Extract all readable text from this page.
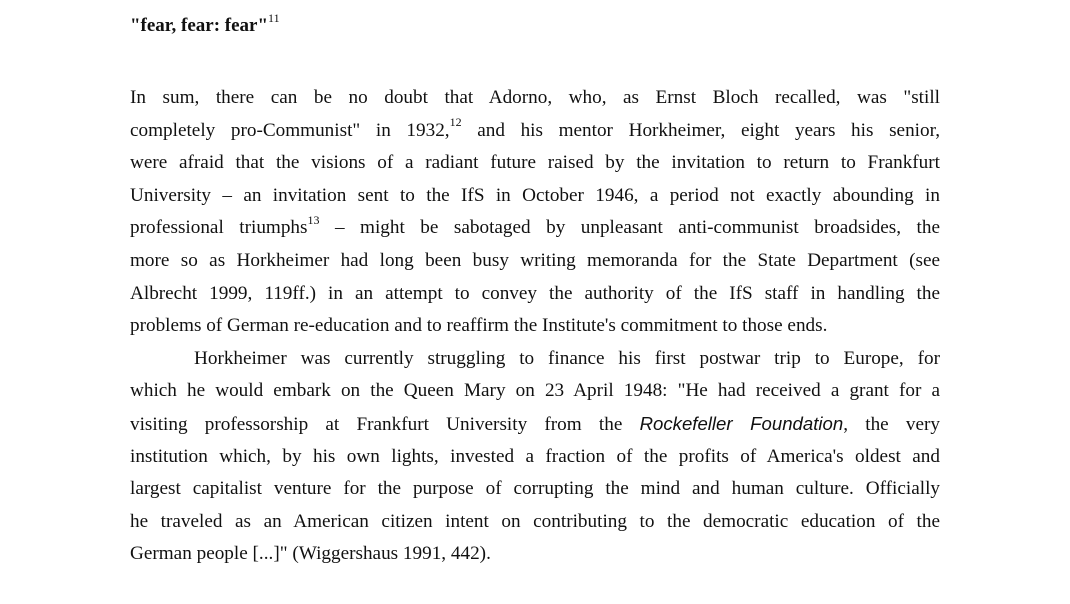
"fear, fear: fear"$^{11}$
In sum, there can be no doubt that Adorno, who, as Ernst Bloch recalled, was "still
completely pro-Communist" in 1932,12 and his mentor Horkheimer, eight years his senior,
were afraid that the visions of a radiant future raised by the invitation to return to Frankfurt
University – an invitation sent to the IfS in October 1946, a period not exactly abounding in
professional triumphs$^{13}$ – might be sabotaged by unpleasant anti-communist broadsides, the
more so as Horkheimer had long been busy writing memoranda for the State Department (see
Albrecht 1999, 119ff.) in an attempt to convey the authority of the IfS staff in handling the
problems of German re-education and to reaffirm the Institute's commitment to those ends.
Horkheimer was currently struggling to finance his first postwar trip to Europe, for
which he would embark on the Queen Mary on 23 April 1948: "He had received a grant for a
visiting professorship at Frankfurt University from the Rockefeller Foundation, the very
institution which, by his own lights, invested a fraction of the profits of America's oldest and
largest capitalist venture for the purpose of corrupting the mind and human culture. Officially
he traveled as an American citizen intent on contributing to the democratic education of the
German people [...]" (Wiggershaus 1991, 442).
